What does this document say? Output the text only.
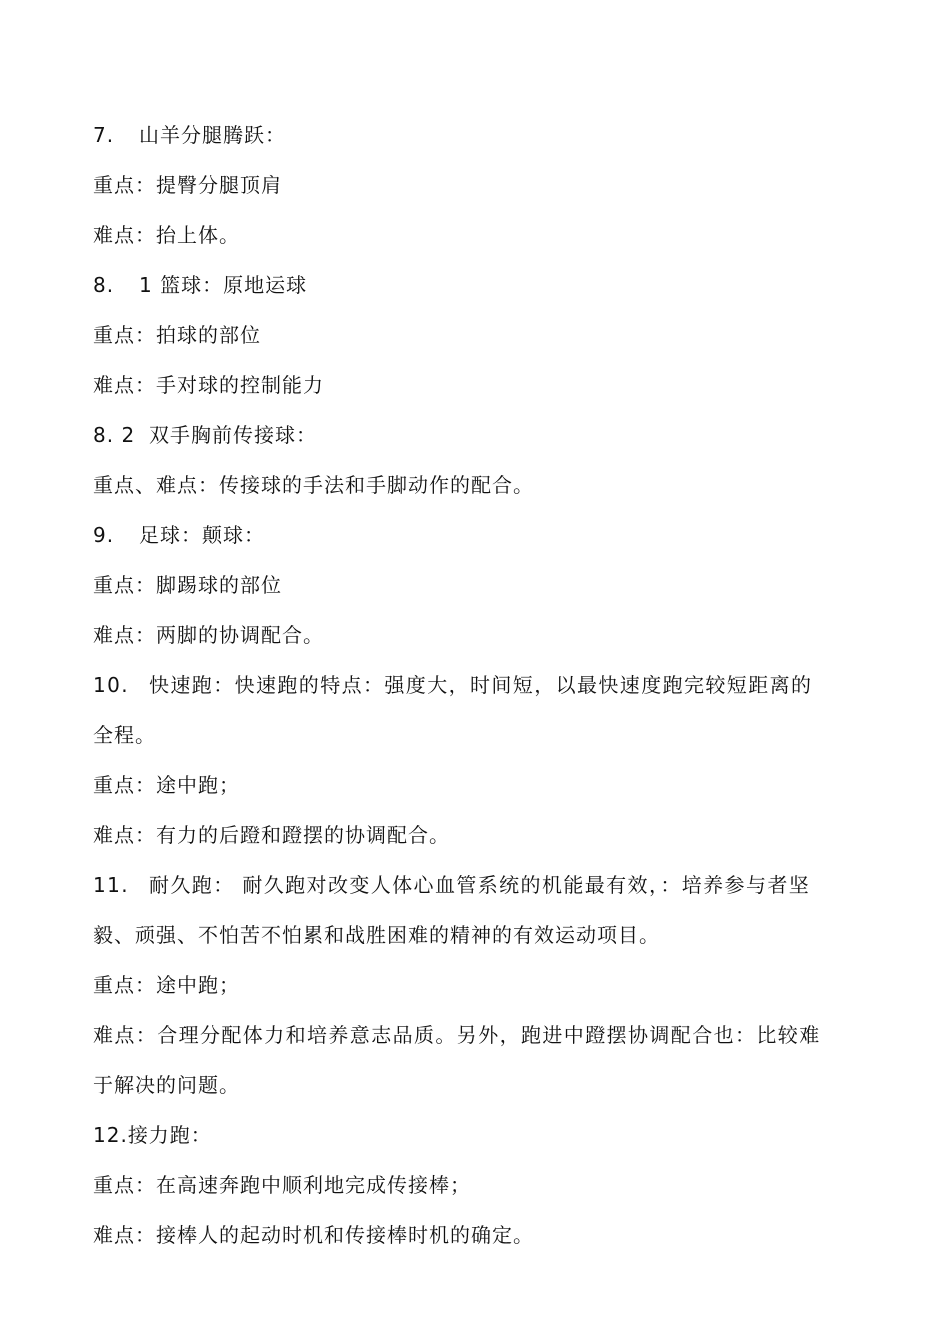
7. 山羊分腿腾跃：
重点：提臀分腿顶肩
难点：抬上体。
8. 1 篮球：原地运球
重点：拍球的部位
难点：手对球的控制能力
8. 2 双手胸前传接球：
重点、难点：传接球的手法和手脚动作的配合。
9. 足球：颠球：
重点：脚踢球的部位
难点：两脚的协调配合。
10. 快速跑：快速跑的特点：强度大，时间短，以最快速度跑完较短距离的
全程。
重点：途中跑；
难点：有力的后蹬和蹬摆的协调配合。
11. 耐久跑： 耐久跑对改变人体心血管系统的机能最有效，：培养参与者坚
毅、顽强、不怕苦不怕累和战胜困难的精神的有效运动项目。
重点：途中跑；
难点：合理分配体力和培养意志品质。另外，跑进中蹬摆协调配合也：比较难
于解决的问题。
12.接力跑：
重点：在高速奔跑中顺利地完成传接棒；
难点：接棒人的起动时机和传接棒时机的确定。
